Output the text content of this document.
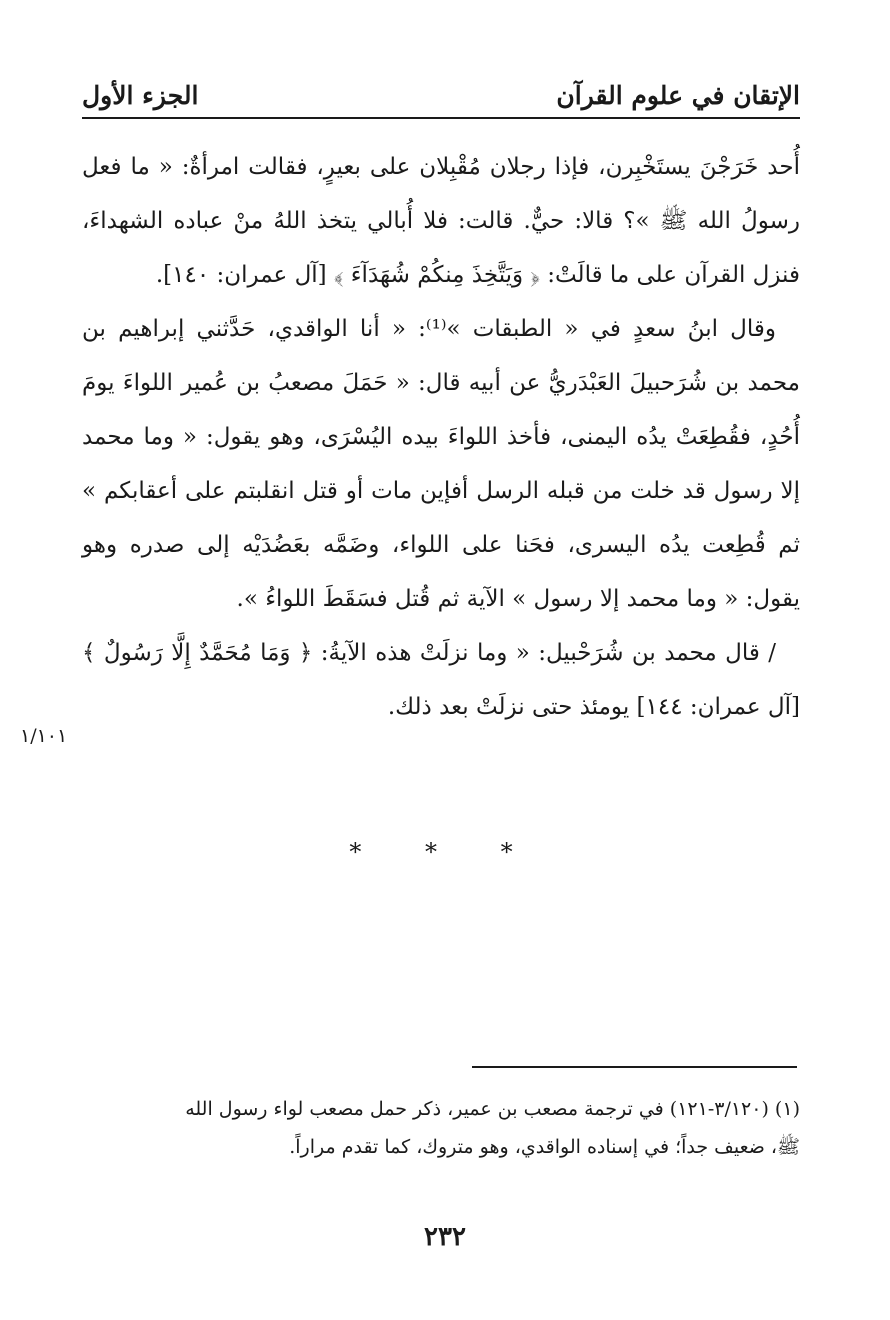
الإتقان في علوم القرآن
الجزء الأول

أُحد خَرَجْنَ يستَخْبِرن، فإذا رجلان مُقْبِلان على بعيرٍ، فقالت امرأةٌ: « ما فعل رسولُ الله ﷺ »؟ قالا: حيٌّ. قالت: فلا أُبالي يتخذ اللهُ منْ عباده الشهداءَ، فنزل القرآن على ما قالَتْ: ﴿ وَيَتَّخِذَ مِنكُمْ شُهَدَآءَ ﴾ [آل عمران: ١٤٠].

وقال ابنُ سعدٍ في « الطبقات »⁽¹⁾: « أنا الواقدي، حَدَّثني إبراهيم بن محمد بن شُرَحبيلَ العَبْدَريُّ عن أبيه قال: « حَمَلَ مصعبُ بن عُمير اللواءَ يومَ أُحُدٍ، فقُطِعَتْ يدُه اليمنى، فأخذ اللواءَ بيده اليُسْرَى، وهو يقول: « وما محمد إلا رسول قد خلت من قبله الرسل أفإين مات أو قتل انقلبتم على أعقابكم » ثم قُطِعت يدُه اليسرى، فحَنا على اللواء، وضَمَّه بعَضُدَيْه إلى صدره وهو يقول: « وما محمد إلا رسول » الآية ثم قُتل فسَقَطَ اللواءُ ».

/ قال محمد بن شُرَحْبيل: « وما نزلَتْ هذه الآيةُ: ﴿ وَمَا مُحَمَّدٌ إِلَّا رَسُولٌ ﴾ [آل عمران: ١٤٤] يومئذ حتى نزلَتْ بعد ذلك.

١/١٠١
* * *

(١) (٣/١٢٠-١٢١) في ترجمة مصعب بن عمير، ذكر حمل مصعب لواء رسول الله

ﷺ، ضعيف جداً؛ في إسناده الواقدي، وهو متروك، كما تقدم مراراً.

٢٣٢
